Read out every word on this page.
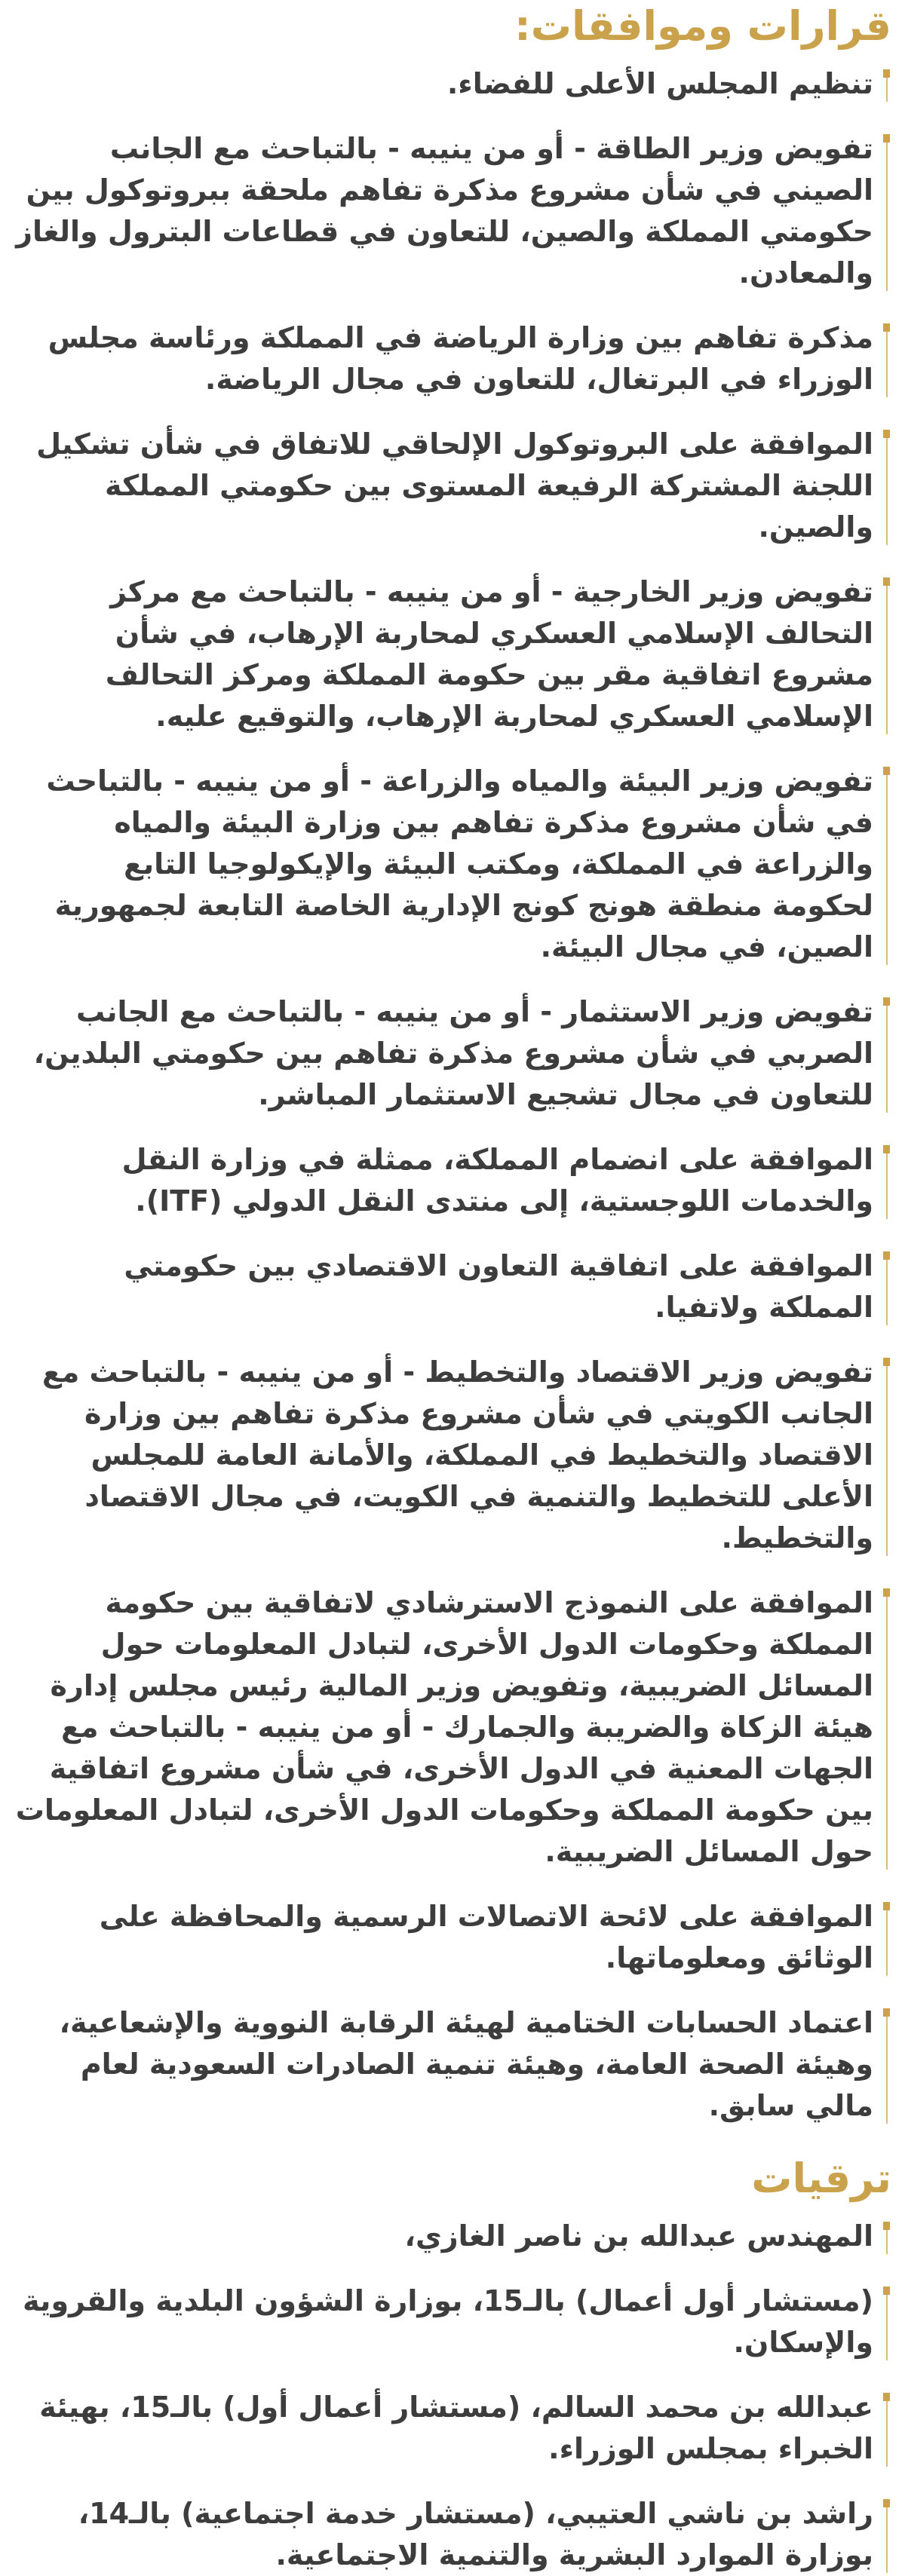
قرارات وموافقات:
تنظيم المجلس الأعلى للفضاء.
تفويض وزير الطاقة - أو من ينيبه - بالتباحث مع الجانب الصيني في شأن مشروع مذكرة تفاهم ملحقة ببروتوكول بين حكومتي المملكة والصين، للتعاون في قطاعات البترول والغاز والمعادن.
مذكرة تفاهم بين وزارة الرياضة في المملكة ورئاسة مجلس الوزراء في البرتغال، للتعاون في مجال الرياضة.
الموافقة على البروتوكول الإلحاقي للاتفاق في شأن تشكيل اللجنة المشتركة الرفيعة المستوى بين حكومتي المملكة والصين.
تفويض وزير الخارجية - أو من ينيبه - بالتباحث مع مركز التحالف الإسلامي العسكري لمحاربة الإرهاب، في شأن مشروع اتفاقية مقر بين حكومة المملكة ومركز التحالف الإسلامي العسكري لمحاربة الإرهاب، والتوقيع عليه.
تفويض وزير البيئة والمياه والزراعة - أو من ينيبه - بالتباحث في شأن مشروع مذكرة تفاهم بين وزارة البيئة والمياه والزراعة في المملكة، ومكتب البيئة والإيكولوجيا التابع لحكومة منطقة هونج كونج الإدارية الخاصة التابعة لجمهورية الصين، في مجال البيئة.
تفويض وزير الاستثمار - أو من ينيبه - بالتباحث مع الجانب الصربي في شأن مشروع مذكرة تفاهم بين حكومتي البلدين، للتعاون في مجال تشجيع الاستثمار المباشر.
الموافقة على انضمام المملكة، ممثلة في وزارة النقل والخدمات اللوجستية، إلى منتدى النقل الدولي (ITF).
الموافقة على اتفاقية التعاون الاقتصادي بين حكومتي المملكة ولاتفيا.
تفويض وزير الاقتصاد والتخطيط - أو من ينيبه - بالتباحث مع الجانب الكويتي في شأن مشروع مذكرة تفاهم بين وزارة الاقتصاد والتخطيط في المملكة، والأمانة العامة للمجلس الأعلى للتخطيط والتنمية في الكويت، في مجال الاقتصاد والتخطيط.
الموافقة على النموذج الاسترشادي لاتفاقية بين حكومة المملكة وحكومات الدول الأخرى، لتبادل المعلومات حول المسائل الضريبية، وتفويض وزير المالية رئيس مجلس إدارة هيئة الزكاة والضريبة والجمارك - أو من ينيبه - بالتباحث مع الجهات المعنية في الدول الأخرى، في شأن مشروع اتفاقية بين حكومة المملكة وحكومات الدول الأخرى، لتبادل المعلومات حول المسائل الضريبية.
الموافقة على لائحة الاتصالات الرسمية والمحافظة على الوثائق ومعلوماتها.
اعتماد الحسابات الختامية لهيئة الرقابة النووية والإشعاعية، وهيئة الصحة العامة، وهيئة تنمية الصادرات السعودية لعام مالي سابق.
ترقيات
المهندس عبدالله بن ناصر الغازي،
(مستشار أول أعمال) بالـ15، بوزارة الشؤون البلدية والقروية والإسكان.
عبدالله بن محمد السالم، (مستشار أعمال أول) بالـ15، بهيئة الخبراء بمجلس الوزراء.
راشد بن ناشي العتيبي، (مستشار خدمة اجتماعية) بالـ14، بوزارة الموارد البشرية والتنمية الاجتماعية.
